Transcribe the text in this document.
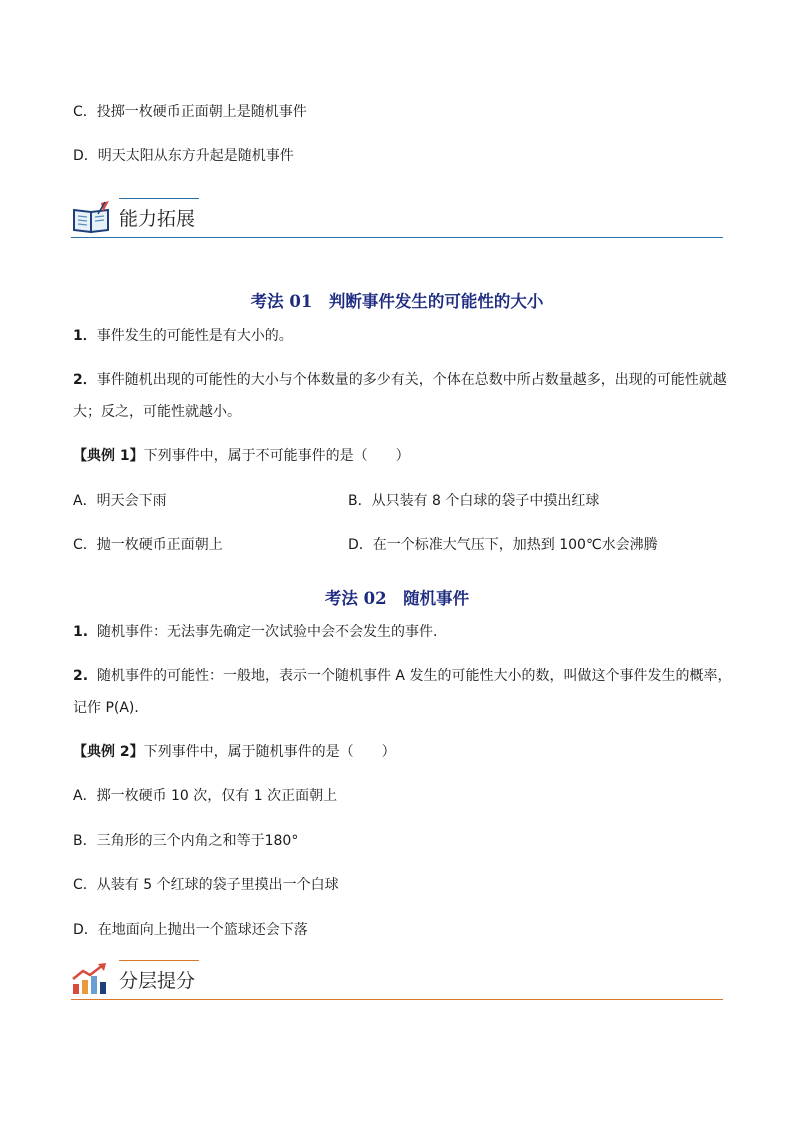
C．投掷一枚硬币正面朝上是随机事件
D．明天太阳从东方升起是随机事件
能力拓展
考法 01　判断事件发生的可能性的大小
1．事件发生的可能性是有大小的。
2．事件随机出现的可能性的大小与个体数量的多少有关，个体在总数中所占数量越多，出现的可能性就越
大；反之，可能性就越小。
【典例 1】下列事件中，属于不可能事件的是（　　）
A．明天会下雨	B．从只装有 8 个白球的袋子中摸出红球
C．抛一枚硬币正面朝上	D．在一个标准大气压下，加热到 100℃水会沸腾
考法 02　随机事件
1. 随机事件：无法事先确定一次试验中会不会发生的事件．
2. 随机事件的可能性：一般地，表示一个随机事件 A 发生的可能性大小的数，叫做这个事件发生的概率，
记作 P(A)．
【典例 2】下列事件中，属于随机事件的是（　　）
A．掷一枚硬币 10 次，仅有 1 次正面朝上
B．三角形的三个内角之和等于180°
C．从装有 5 个红球的袋子里摸出一个白球
D．在地面向上抛出一个篮球还会下落
分层提分
